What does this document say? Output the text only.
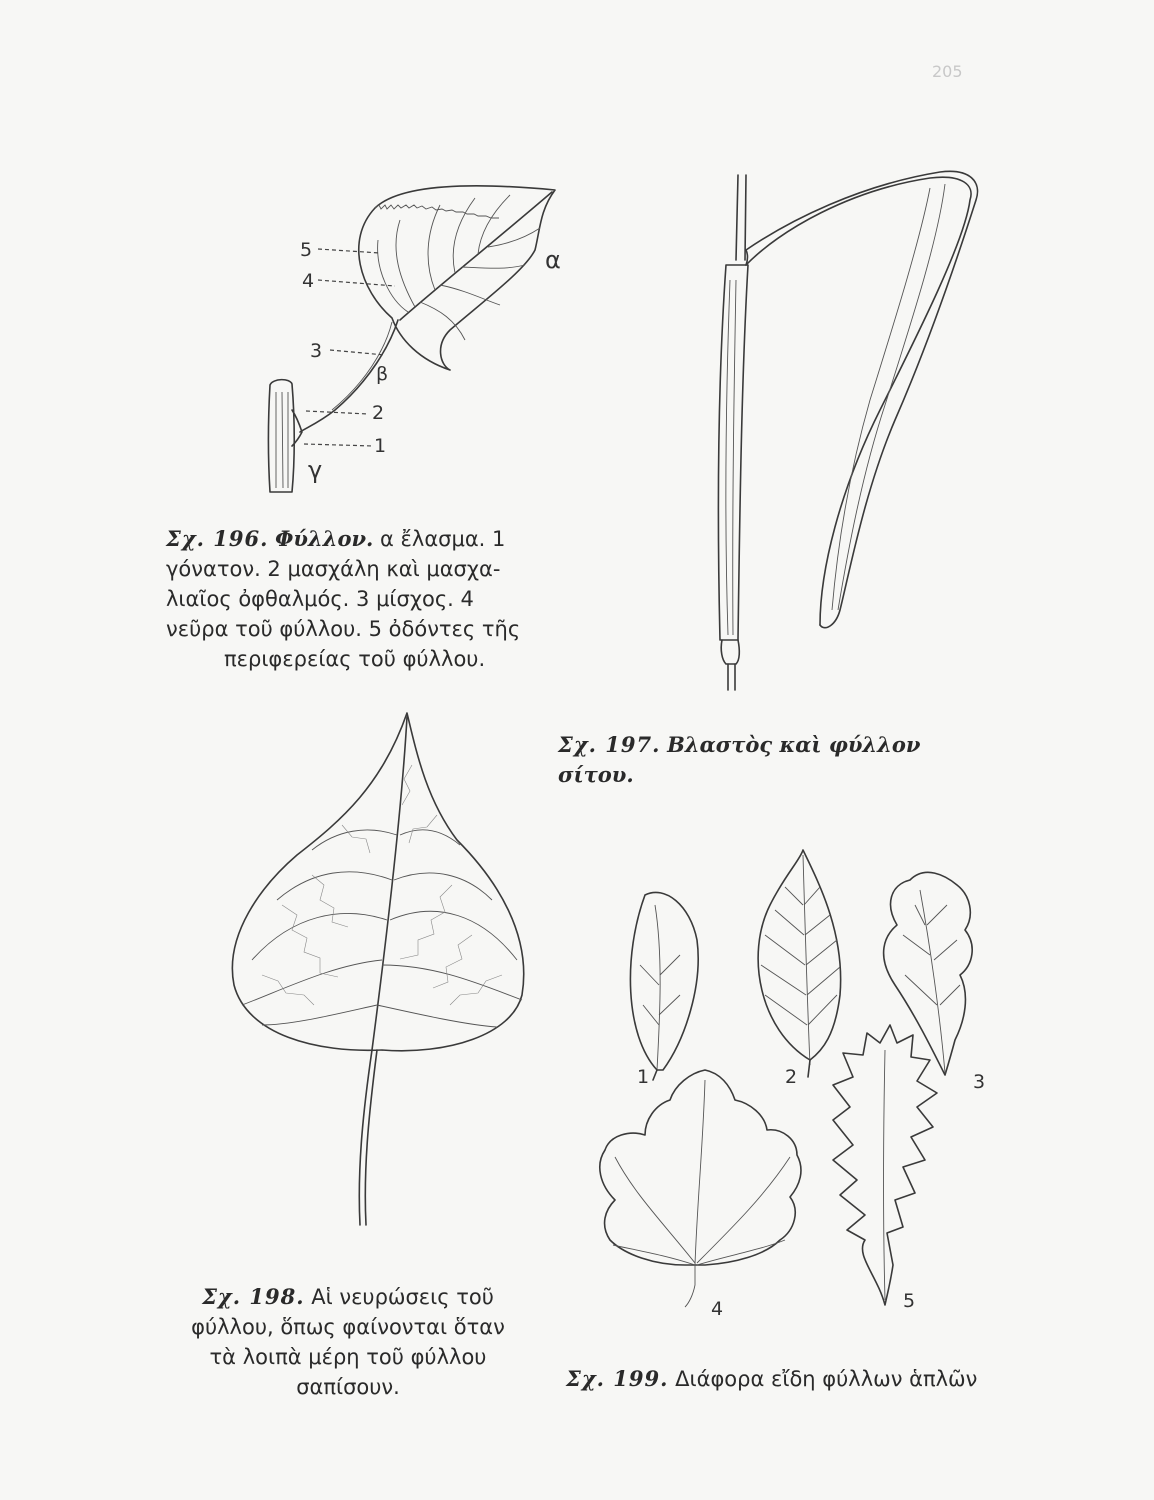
205
5
4
3
β
2
1
γ
α
Σχ. 196. Φύλλον. α ἔλασμα. 1
γόνατον. 2 μασχάλη καὶ μασχα-
λιαῖος ὀφθαλμός. 3 μίσχος. 4
νεῦρα τοῦ φύλλου. 5 ὀδόντες τῆς
περιφερείας τοῦ φύλλου.
Σχ. 197. Βλαστὸς καὶ φύλλον σίτου.
Σχ. 198. Αἱ νευρώσεις τοῦ
φύλλου, ὅπως φαίνονται ὅταν
τὰ λοιπὰ μέρη τοῦ φύλλου
σαπίσουν.
1	2	3
4	5
Σχ. 199. Διάφορα εἴδη φύλλων ἁπλῶν
